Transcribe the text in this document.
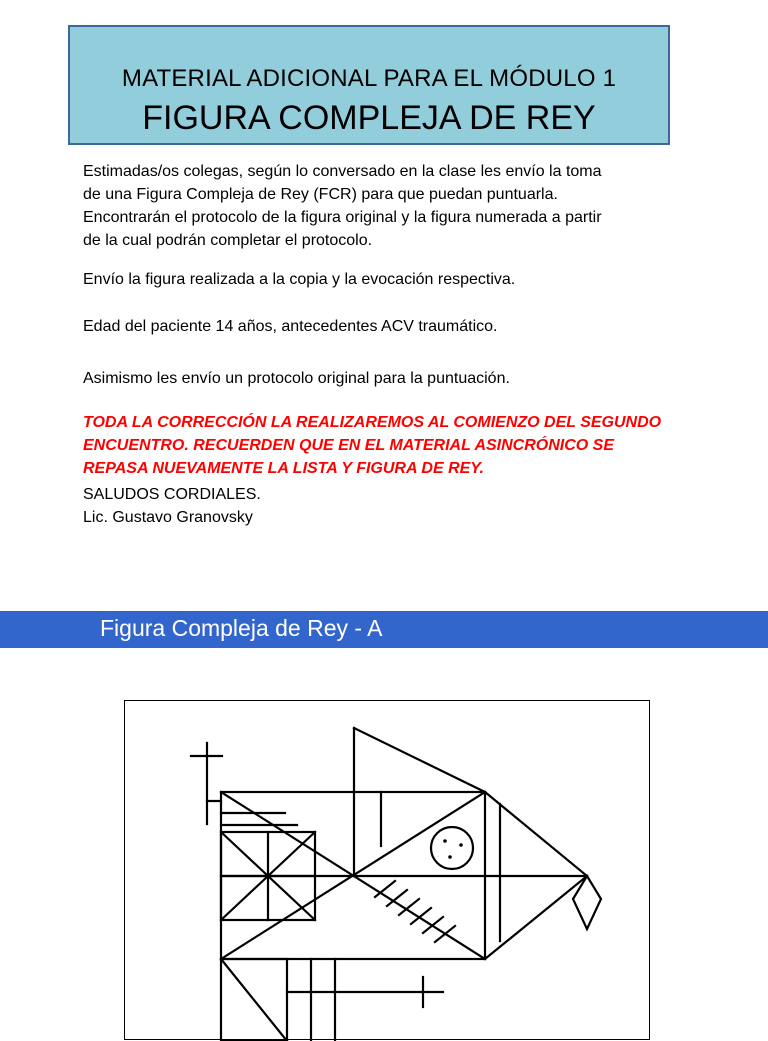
MATERIAL ADICIONAL PARA EL MÓDULO 1
FIGURA COMPLEJA DE REY
Estimadas/os colegas, según lo conversado en la clase les envío la toma
de una Figura Compleja de Rey (FCR) para que puedan puntuarla.
Encontrarán el protocolo de la figura original y la figura numerada a partir
de la cual podrán completar el protocolo.
Envío la figura realizada a la copia y la evocación respectiva.
Edad del paciente 14 años, antecedentes ACV traumático.
Asimismo les envío un protocolo original para la puntuación.
TODA LA CORRECCIÓN LA REALIZAREMOS AL COMIENZO DEL SEGUNDO
ENCUENTRO. RECUERDEN QUE EN EL MATERIAL ASINCRÓNICO SE
REPASA NUEVAMENTE LA LISTA Y FIGURA DE REY.
SALUDOS CORDIALES.
Lic. Gustavo Granovsky
Figura Compleja de Rey - A
